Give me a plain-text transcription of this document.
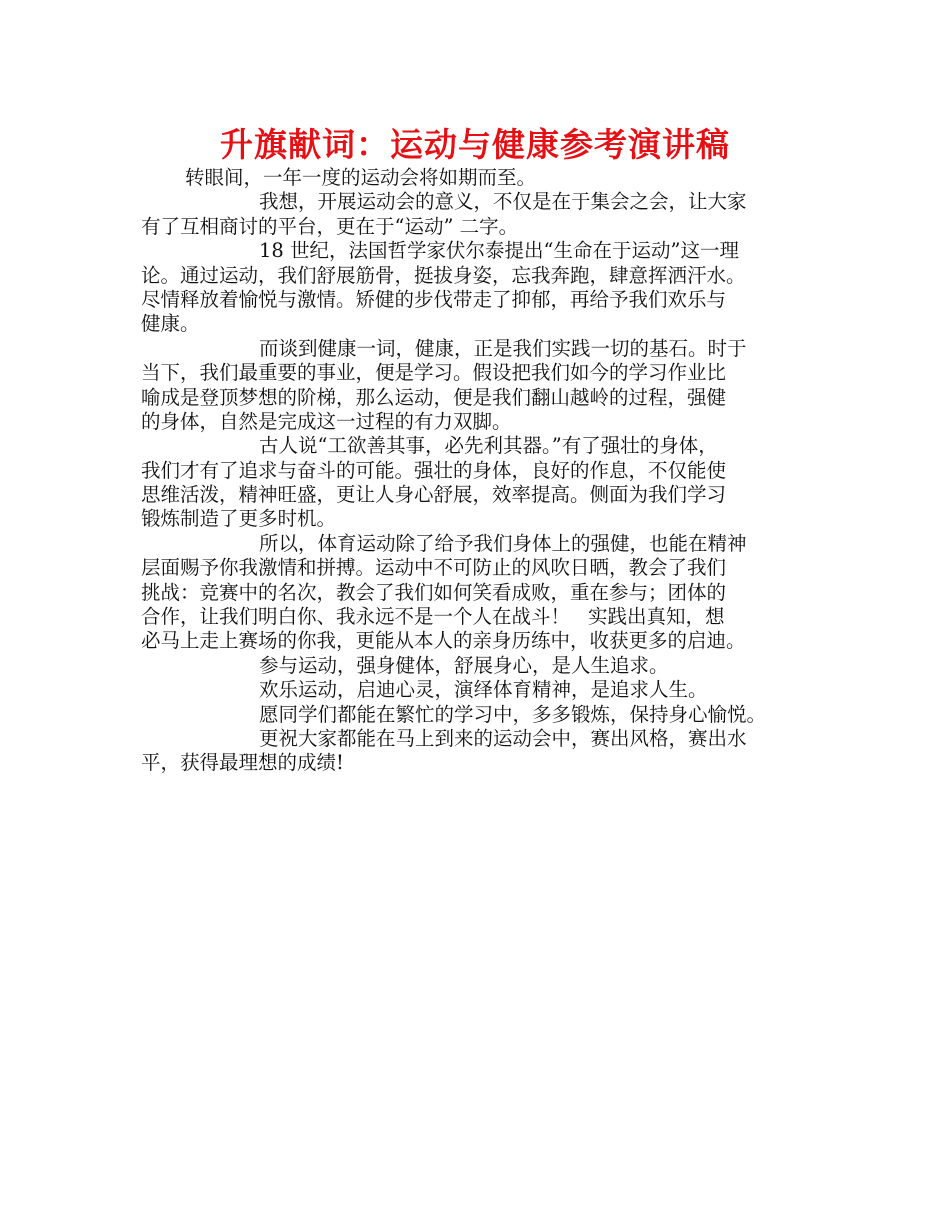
升旗献词：运动与健康参考演讲稿
转眼间，一年一度的运动会将如期而至。
我想，开展运动会的意义，不仅是在于集会之会，让大家
有了互相商讨的平台，更在于“运动” 二字。
18 世纪，法国哲学家伏尔泰提出“生命在于运动”这一理
论。通过运动，我们舒展筋骨，挺拔身姿，忘我奔跑，肆意挥洒汗水。
尽情释放着愉悦与激情。矫健的步伐带走了抑郁，再给予我们欢乐与
健康。
而谈到健康一词，健康，正是我们实践一切的基石。时于
当下，我们最重要的事业，便是学习。假设把我们如今的学习作业比
喻成是登顶梦想的阶梯，那么运动，便是我们翻山越岭的过程，强健
的身体，自然是完成这一过程的有力双脚。
古人说“工欲善其事，必先利其器。”有了强壮的身体，
我们才有了追求与奋斗的可能。强壮的身体，良好的作息，不仅能使
思维活泼，精神旺盛，更让人身心舒展，效率提高。侧面为我们学习
锻炼制造了更多时机。
所以，体育运动除了给予我们身体上的强健，也能在精神
层面赐予你我激情和拼搏。运动中不可防止的风吹日晒，教会了我们
挑战：竞赛中的名次，教会了我们如何笑看成败，重在参与；团体的
合作，让我们明白你、我永远不是一个人在战斗！ 实践出真知，想
必马上走上赛场的你我，更能从本人的亲身历练中，收获更多的启迪。
参与运动，强身健体，舒展身心，是人生追求。
欢乐运动，启迪心灵，演绎体育精神，是追求人生。
愿同学们都能在繁忙的学习中，多多锻炼，保持身心愉悦。
更祝大家都能在马上到来的运动会中，赛出风格，赛出水
平，获得最理想的成绩!
